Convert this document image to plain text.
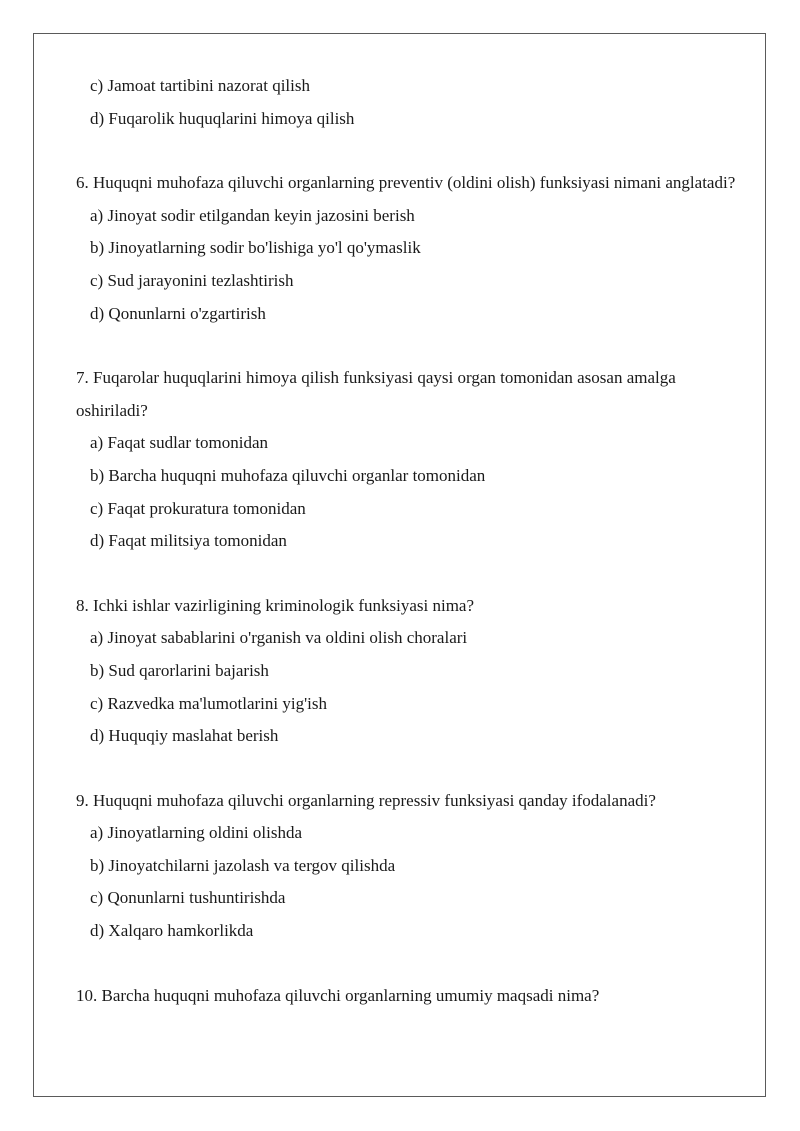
c) Jamoat tartibini nazorat qilish

d) Fuqarolik huquqlarini himoya qilish

6. Huquqni muhofaza qiluvchi organlarning preventiv (oldini olish) funksiyasi nimani anglatadi?

a) Jinoyat sodir etilgandan keyin jazosini berish

b) Jinoyatlarning sodir bo'lishiga yo'l qo'ymaslik

c) Sud jarayonini tezlashtirish

d) Qonunlarni o'zgartirish

7. Fuqarolar huquqlarini himoya qilish funksiyasi qaysi organ tomonidan asosan amalga oshiriladi?

a) Faqat sudlar tomonidan

b) Barcha huquqni muhofaza qiluvchi organlar tomonidan

c) Faqat prokuratura tomonidan

d) Faqat militsiya tomonidan

8. Ichki ishlar vazirligining kriminologik funksiyasi nima?

a) Jinoyat sabablarini o'rganish va oldini olish choralari

b) Sud qarorlarini bajarish

c) Razvedka ma'lumotlarini yig'ish

d) Huquqiy maslahat berish

9. Huquqni muhofaza qiluvchi organlarning repressiv funksiyasi qanday ifodalanadi?

a) Jinoyatlarning oldini olishda

b) Jinoyatchilarni jazolash va tergov qilishda

c) Qonunlarni tushuntirishda

d) Xalqaro hamkorlikda

10. Barcha huquqni muhofaza qiluvchi organlarning umumiy maqsadi nima?
